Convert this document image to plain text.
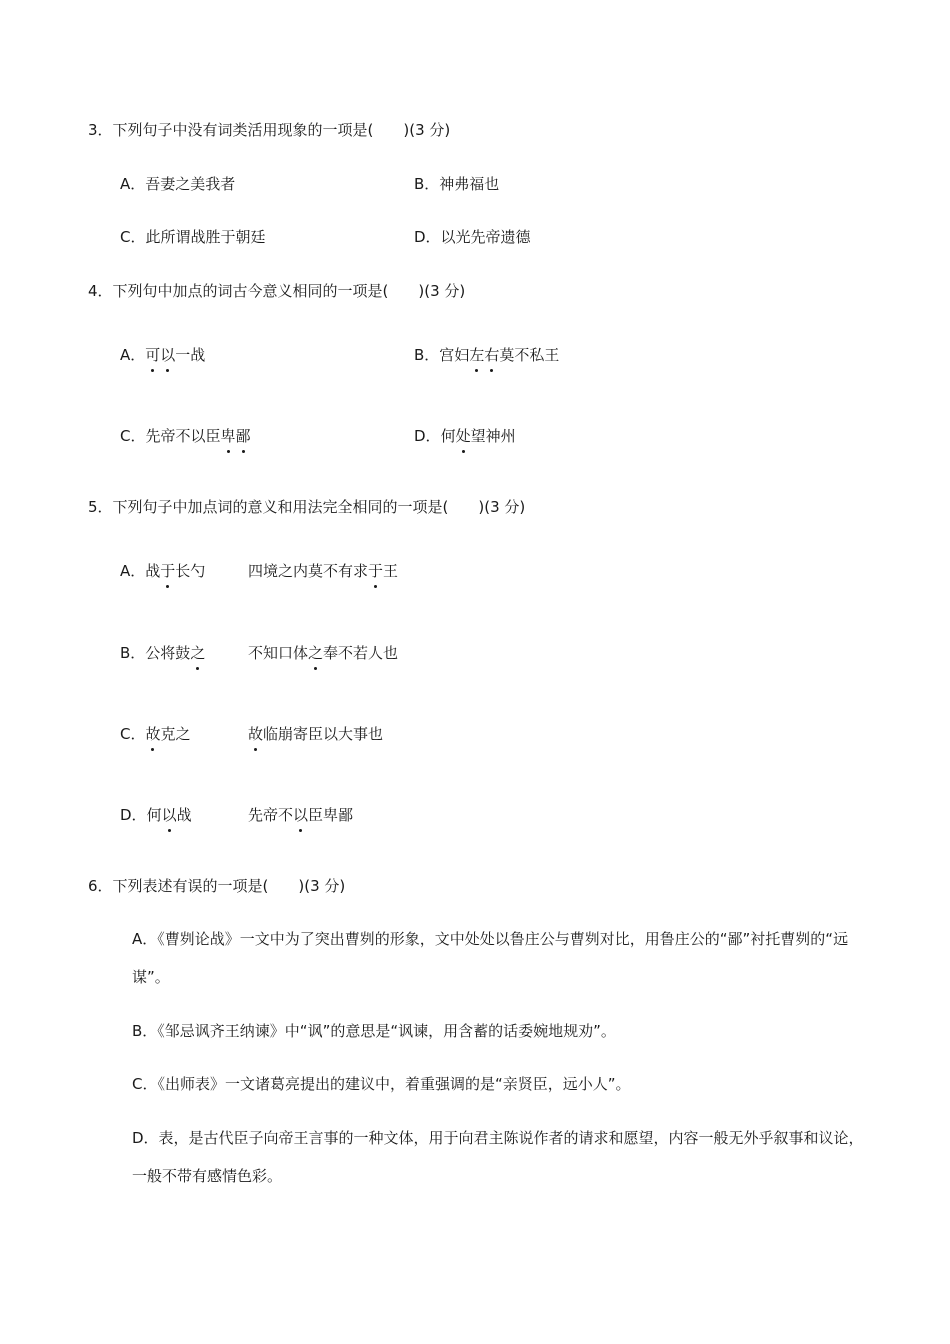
3．下列句子中没有词类活用现象的一项是(　　)(3 分)
A．吾妻之美我者	B．神弗福也
C．此所谓战胜于朝廷	D．以光先帝遗德
4．下列句中加点的词古今意义相同的一项是(　　)(3 分)
A．可以一战	B．宫妇左右莫不私王
C．先帝不以臣卑鄙	D．何处望神州
5．下列句子中加点词的意义和用法完全相同的一项是(　　)(3 分)
A．战于长勺	四境之内莫不有求于王
B．公将鼓之	不知口体之奉不若人也
C．故克之	故临崩寄臣以大事也
D．何以战	先帝不以臣卑鄙
6．下列表述有误的一项是(　　)(3 分)
A．《曹刿论战》一文中为了突出曹刿的形象，文中处处以鲁庄公与曹刿对比，用鲁庄公的“鄙”衬托曹刿的“远谋”。
B．《邹忌讽齐王纳谏》中“讽”的意思是“讽谏，用含蓄的话委婉地规劝”。
C．《出师表》一文诸葛亮提出的建议中，着重强调的是“亲贤臣，远小人”。
D．表，是古代臣子向帝王言事的一种文体，用于向君主陈说作者的请求和愿望，内容一般无外乎叙事和议论，一般不带有感情色彩。
